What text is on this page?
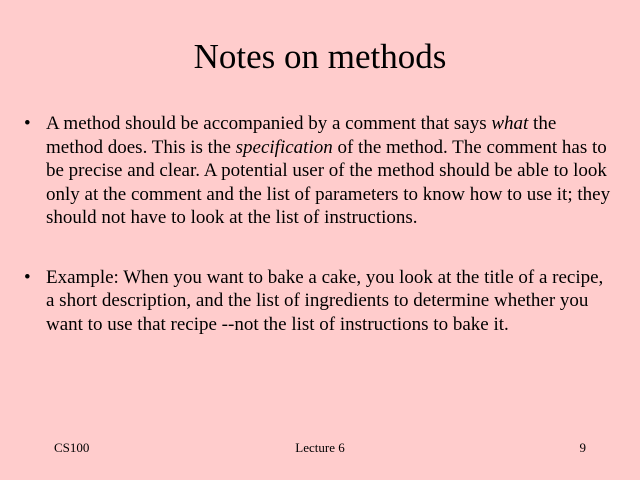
Notes on methods
• A method should be accompanied by a comment that says what the method does. This is the specification of the method. The comment has to be precise and clear. A potential user of the method should be able to look only at the comment and the list of parameters to know how to use it; they should not have to look at the list of instructions.
• Example: When you want to bake a cake, you look at the title of a recipe, a short description, and the list of ingredients to determine whether you want to use that recipe --not the list of instructions to bake it.
Lecture 6
CS100	9
